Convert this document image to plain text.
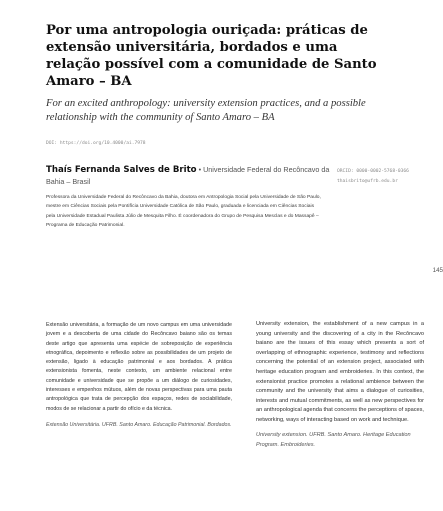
Por uma antropologia ouriçada: práticas de extensão universitária, bordados e uma relação possível com a comunidade de Santo Amaro – BA

For an excited anthropology: university extension practices, and a possible relationship with the community of Santo Amaro – BA

DOI: https://doi.org/10.4000/ai.7978
Thaís Fernanda Salves de Brito • Universidade Federal do Recôncavo da Bahia – Brasil
ORCID: 0000-0002-5768-0366
thaisbrito@ufrb.edu.br

Professora da Universidade Federal do Recôncavo da Bahia, doutora em Antropologia Social pela Universidade de São Paulo, mestre em Ciências Sociais pela Pontifícia Universidade Católica de São Paulo, graduada e licenciada em Ciências Sociais pela Universidade Estadual Paulista Júlio de Mesquita Filho. É coordenadora do Grupo de Pesquisa Mesclas e do Massapê – Programa de Educação Patrimonial.

145

Extensão universitária, a formação de um novo campus em uma universidade jovem e a descoberta de uma cidade do Recôncavo baiano são os temas deste artigo que apresenta uma espécie de sobreposição de experiência etnográfica, depoimento e reflexão sobre as possibilidades de um projeto de extensão, ligado à educação patrimonial e aos bordados. A prática extensionista fomenta, neste contexto, um ambiente relacional entre comunidade e universidade que se propõe a um diálogo de curiosidades, interesses e empenhos mútuos, além de novas perspectivas para uma pauta antropológica que trata de percepção dos espaços, redes de sociabilidade, modos de se relacionar a partir do ofício e da técnica.

Extensão Universitária. UFRB. Santo Amaro. Educação Patrimonial. Bordados.

University extension, the establishment of a new campus in a young university and the discovering of a city in the Recôncavo baiano are the issues of this essay which presents a sort of overlapping of ethnographic experience, testimony and reflections concerning the potential of an extension project, associated with heritage education program and embroideries. In this context, the extensionist practice promotes a relational ambience between the community and the university that aims a dialogue of curiosities, interests and mutual commitments, as well as new perspectives for an anthropological agenda that concerns the perceptions of spaces, networking, ways of interacting based on work and technique.

University extension. UFRB. Santo Amaro. Heritage Education Program. Embroideries.
